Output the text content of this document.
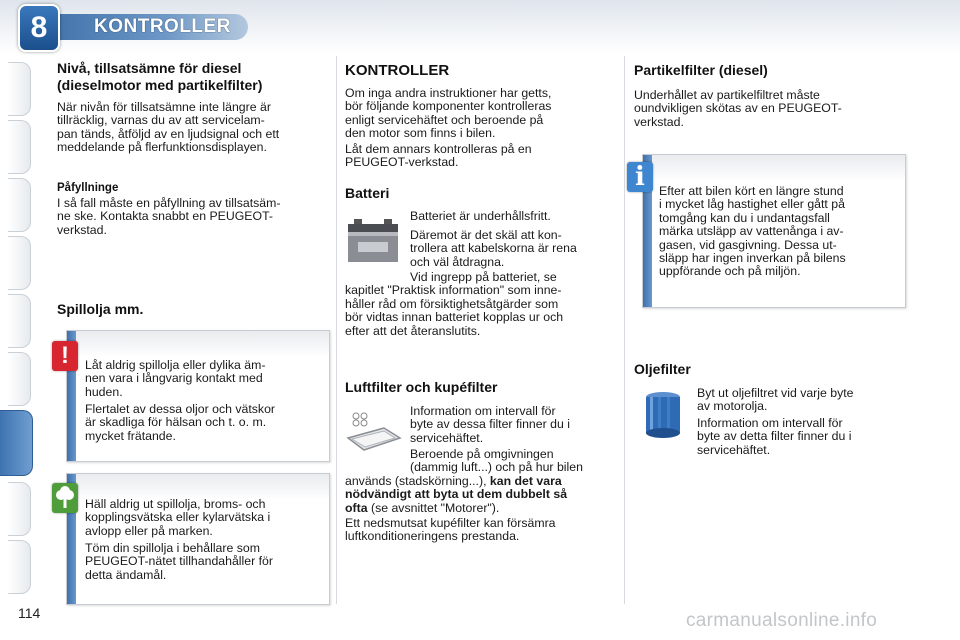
8	KONTROLLER
Nivå, tillsatsämne för diesel
(dieselmotor med partikelfilter)
När nivån för tillsatsämne inte längre är
tillräcklig, varnas du av att servicelam-
pan tänds, åtföljd av en ljudsignal och ett
meddelande på flerfunktionsdisplayen.
Påfyllninge
I så fall måste en påfyllning av tillsatsäm-
ne ske. Kontakta snabbt en PEUGEOT-
verkstad.
Spillolja mm.
Låt aldrig spillolja eller dylika äm-
nen vara i långvarig kontakt med
huden.
Flertalet av dessa oljor och vätskor
är skadliga för hälsan och t. o. m.
mycket frätande.
!
Häll aldrig ut spillolja, broms- och
kopplingsvätska eller kylarvätska i
avlopp eller på marken.
Töm din spillolja i behållare som
PEUGEOT-nätet tillhandahåller för
detta ändamål.
KONTROLLER
Om inga andra instruktioner har getts,
bör följande komponenter kontrolleras
enligt servicehäftet och beroende på
den motor som finns i bilen.
Låt dem annars kontrolleras på en
PEUGEOT-verkstad.
Batteri
Batteriet är underhållsfritt.
Däremot är det skäl att kon-
trollera att kabelskorna är rena
och väl åtdragna.
Vid ingrepp på batteriet, se
kapitlet "Praktisk information" som inne-
håller råd om försiktighetsåtgärder som
bör vidtas innan batteriet kopplas ur och
efter att det återanslutits.
Luftfilter och kupéfilter
Information om intervall för
byte av dessa filter finner du i
servicehäftet.
Beroende på omgivningen
(dammig luft...) och på hur bilen
används (stadskörning...), kan det vara
nödvändigt att byta ut dem dubbelt så
ofta (se avsnittet "Motorer").
Ett nedsmutsat kupéfilter kan försämra
luftkonditioneringens prestanda.
Partikelfilter (diesel)
Underhållet av partikelfiltret måste
oundvikligen skötas av en PEUGEOT-
verkstad.
Efter att bilen kört en längre stund
i mycket låg hastighet eller gått på
tomgång kan du i undantagsfall
märka utsläpp av vattenånga i av-
gasen, vid gasgivning. Dessa ut-
släpp har ingen inverkan på bilens
uppförande och på miljön.
i
Oljefilter
Byt ut oljefiltret vid varje byte
av motorolja.
Information om intervall för
byte av detta filter finner du i
servicehäftet.
114	carmanualsonline.info
